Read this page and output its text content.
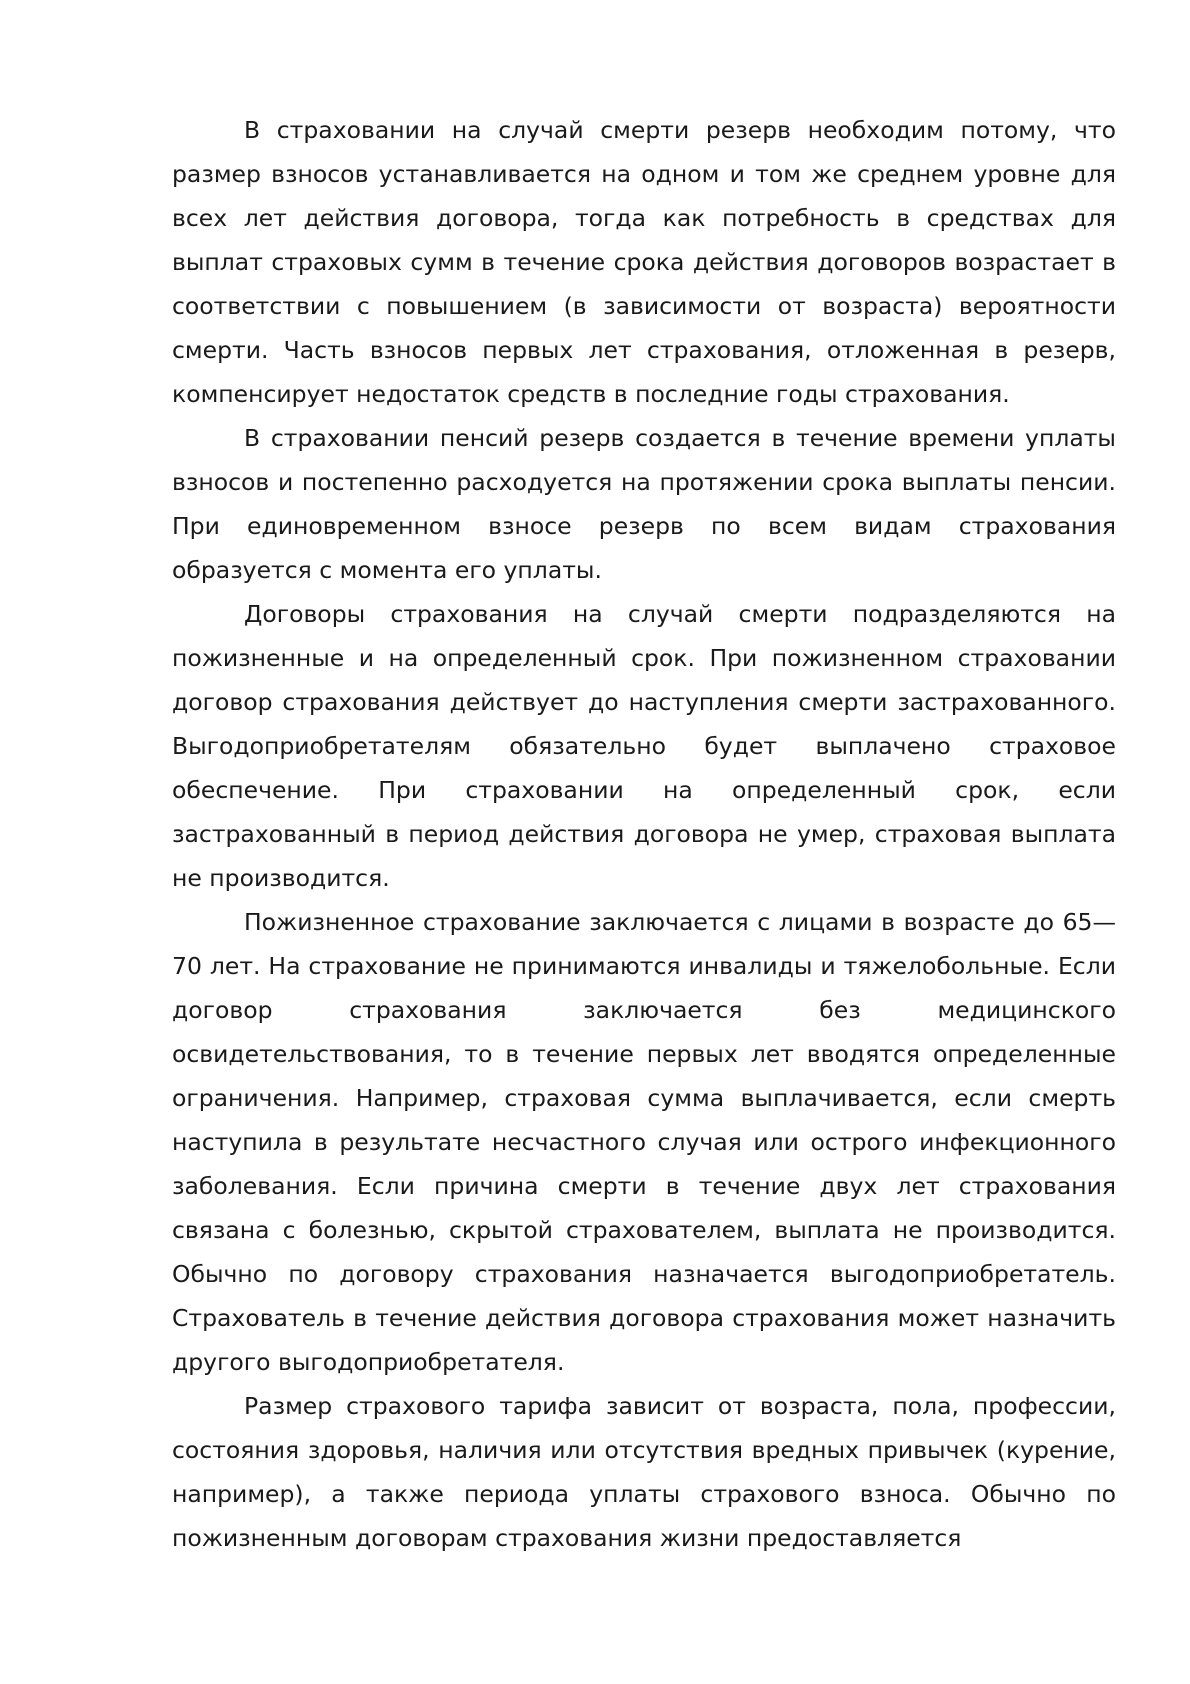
В страховании на случай смерти резерв необходим потому, что размер взносов устанавливается на одном и том же среднем уровне для всех лет действия договора, тогда как потребность в средствах для выплат страховых сумм в течение срока действия договоров возрастает в соответствии с повышением (в зависимости от возраста) вероятности смерти. Часть взносов первых лет страхования, отложенная в резерв, компенсирует недостаток средств в последние годы страхования.

В страховании пенсий резерв создается в течение времени уплаты взносов и постепенно расходуется на протяжении срока выплаты пенсии. При единовременном взносе резерв по всем видам страхования образуется с момента его уплаты.

Договоры страхования на случай смерти подразделяются на пожизненные и на определенный срок. При пожизненном страховании договор страхования действует до наступления смерти застрахованного. Выгодоприобретателям обязательно будет выплачено страховое обеспечение. При страховании на определенный срок, если застрахованный в период действия договора не умер, страховая выплата не производится.

Пожизненное страхование заключается с лицами в возрасте до 65—70 лет. На страхование не принимаются инвалиды и тяжелобольные. Если договор страхования заключается без медицинского освидетельствования, то в течение первых лет вводятся определенные ограничения. Например, страховая сумма выплачивается, если смерть наступила в результате несчастного случая или острого инфекционного заболевания. Если причина смерти в течение двух лет страхования связана с болезнью, скрытой страхователем, выплата не производится. Обычно по договору страхования назначается выгодоприобретатель. Страхователь в течение действия договора страхования может назначить другого выгодоприобретателя.

Размер страхового тарифа зависит от возраста, пола, профессии, состояния здоровья, наличия или отсутствия вредных привычек (курение, например), а также периода уплаты страхового взноса. Обычно по пожизненным договорам страхования жизни предоставляется
